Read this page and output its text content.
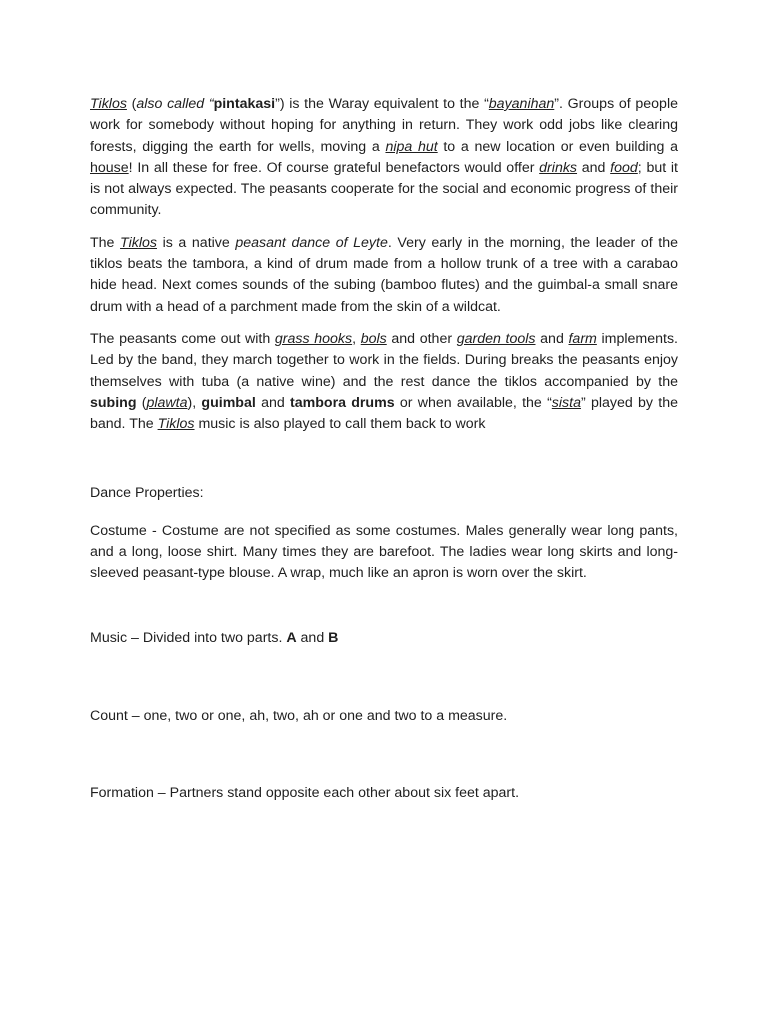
Tiklos (also called “pintakasi”) is the Waray equivalent to the “bayanihan”. Groups of people work for somebody without hoping for anything in return. They work odd jobs like clearing forests, digging the earth for wells, moving a nipa hut to a new location or even building a house! In all these for free. Of course grateful benefactors would offer drinks and food; but it is not always expected. The peasants cooperate for the social and economic progress of their community.

The Tiklos is a native peasant dance of Leyte. Very early in the morning, the leader of the tiklos beats the tambora, a kind of drum made from a hollow trunk of a tree with a carabao hide head. Next comes sounds of the subing (bamboo flutes) and the guimbal-a small snare drum with a head of a parchment made from the skin of a wildcat.

The peasants come out with grass hooks, bols and other garden tools and farm implements. Led by the band, they march together to work in the fields. During breaks the peasants enjoy themselves with tuba (a native wine) and the rest dance the tiklos accompanied by the subing (plawta), guimbal and tambora drums or when available, the “sista” played by the band. The Tiklos music is also played to call them back to work

Dance Properties:

Costume - Costume are not specified as some costumes. Males generally wear long pants, and a long, loose shirt. Many times they are barefoot. The ladies wear long skirts and long-sleeved peasant-type blouse. A wrap, much like an apron is worn over the skirt.

Music – Divided into two parts. A and B

Count – one, two or one, ah, two, ah or one and two to a measure.

Formation – Partners stand opposite each other about six feet apart.
